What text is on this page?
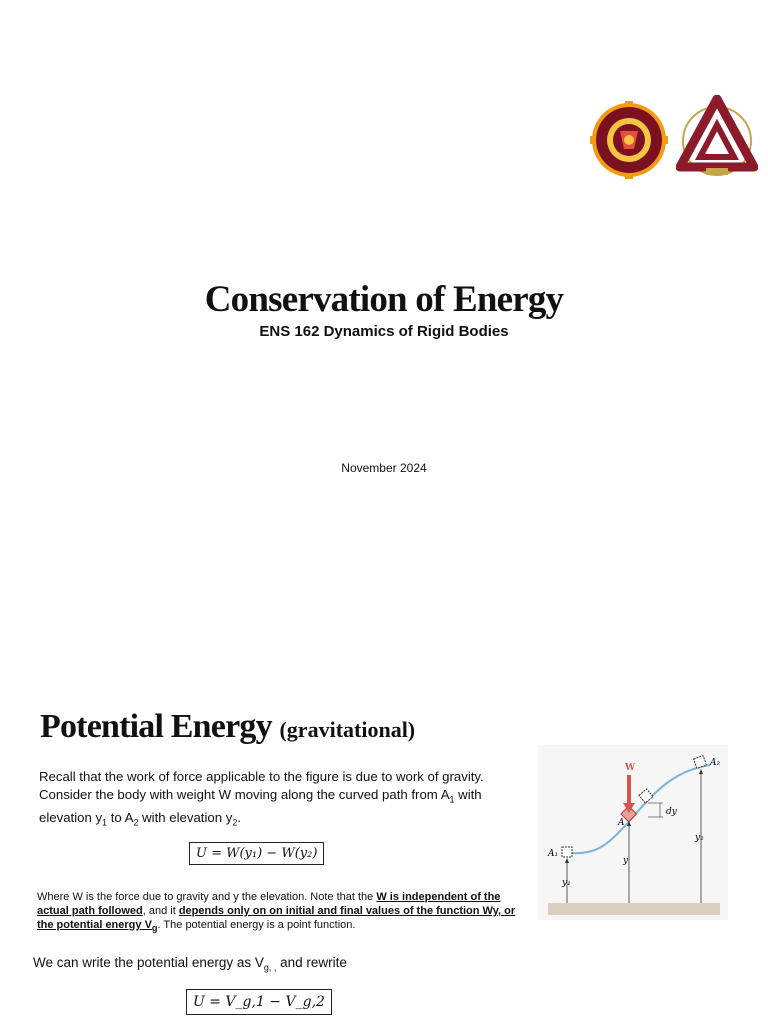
Conservation of Energy
ENS 162 Dynamics of Rigid Bodies
November 2024
Potential Energy (gravitational)
Recall that the work of force applicable to the figure is due to work of gravity. Consider the body with weight W moving along the curved path from $A_1$ with elevation $y_1$ to $A_2$ with elevation $y_2$.
U = W(y₁) − W(y₂)
Where W is the force due to gravity and y the elevation. Note that the W is independent of the actual path followed, and it depends only on on initial and final values of the function Wy, or the potential energy $V_g$. The potential energy is a point function.
We can write the potential energy as $V_{g, ,}$ and rewrite
U = V_g,1 − V_g,2
A₁
y₁
W
A
dy
y
A₂
y₂
